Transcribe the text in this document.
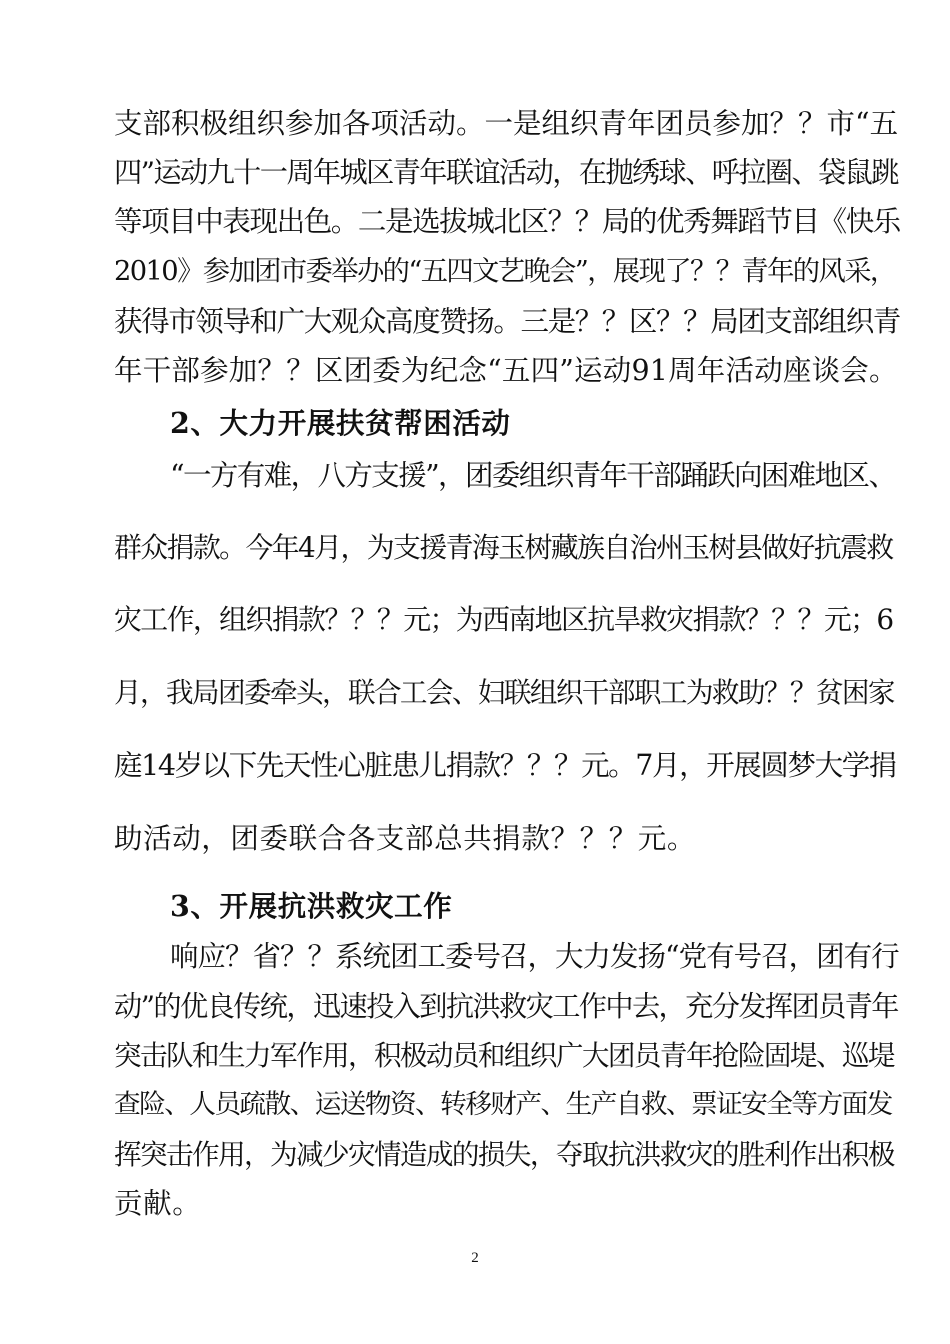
支部积极组织参加各项活动。一是组织青年团员参加？？市“五
四”运动九十一周年城区青年联谊活动，在抛绣球、呼拉圈、袋鼠跳
等项目中表现出色。二是选拔城北区？？局的优秀舞蹈节目《快乐
2010》参加团市委举办的“五四文艺晚会”，展现了？？青年的风采，
获得市领导和广大观众高度赞扬。三是？？区？？局团支部组织青
年干部参加？？区团委为纪念“五四”运动91周年活动座谈会。
2、大力开展扶贫帮困活动
“一方有难，八方支援”，团委组织青年干部踊跃向困难地区、
群众捐款。今年4月，为支援青海玉树藏族自治州玉树县做好抗震救
灾工作，组织捐款？？？元；为西南地区抗旱救灾捐款？？？元；6
月，我局团委牵头，联合工会、妇联组织干部职工为救助？？贫困家
庭14岁以下先天性心脏患儿捐款？？？元。7月，开展圆梦大学捐
助活动，团委联合各支部总共捐款？？？元。
3、开展抗洪救灾工作
响应？省？？系统团工委号召，大力发扬“党有号召，团有行
动”的优良传统，迅速投入到抗洪救灾工作中去，充分发挥团员青年
突击队和生力军作用，积极动员和组织广大团员青年抢险固堤、巡堤
查险、人员疏散、运送物资、转移财产、生产自救、票证安全等方面发
挥突击作用，为减少灾情造成的损失，夺取抗洪救灾的胜利作出积极
贡献。
2
